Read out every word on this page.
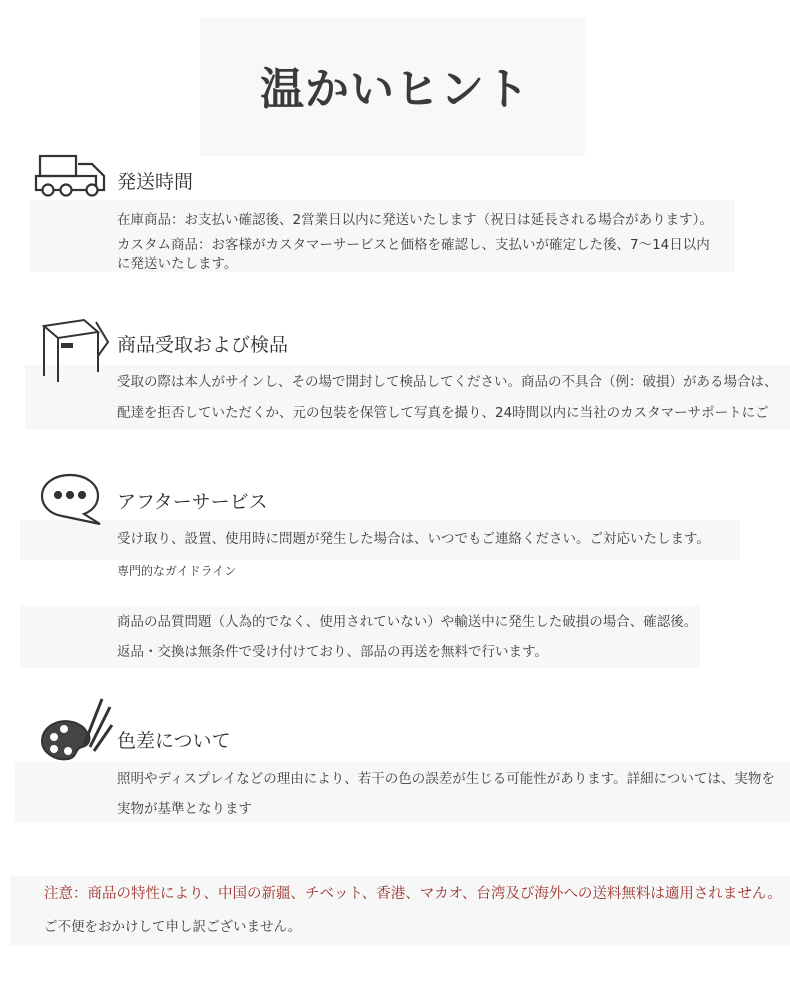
温かいヒント
発送時間
在庫商品：お支払い確認後、2営業日以内に発送いたします（祝日は延長される場合があります）。
カスタム商品：お客様がカスタマーサービスと価格を確認し、支払いが確定した後、7〜14日以内
に発送いたします。
商品受取および検品
受取の際は本人がサインし、その場で開封して検品してください。商品の不具合（例：破損）がある場合は、
配達を拒否していただくか、元の包装を保管して写真を撮り、24時間以内に当社のカスタマーサポートにご
アフターサービス
受け取り、設置、使用時に問題が発生した場合は、いつでもご連絡ください。ご対応いたします。
専門的なガイドライン
商品の品質問題（人為的でなく、使用されていない）や輸送中に発生した破損の場合、確認後。
返品・交換は無条件で受け付けており、部品の再送を無料で行います。
色差について
照明やディスプレイなどの理由により、若干の色の誤差が生じる可能性があります。詳細については、実物を
実物が基準となります
注意：商品の特性により、中国の新疆、チベット、香港、マカオ、台湾及び海外への送料無料は適用されません。
ご不便をおかけして申し訳ございません。
